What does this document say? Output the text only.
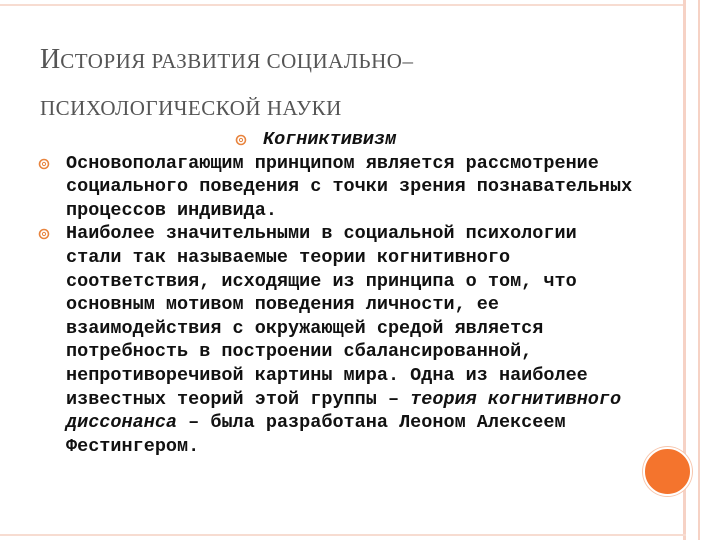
ИСТОРИЯ РАЗВИТИЯ СОЦИАЛЬНО–
ПСИХОЛОГИЧЕСКОЙ НАУКИ
Когниктивизм
Основополагающим принципом является рассмотрение социального поведения с точки зрения познавательных процессов индивида.
Наиболее значительными в социальной психологии стали так называемые теории когнитивного соответствия, исходящие из принципа о том, что основным мотивом поведения личности, ее взаимодействия с окружающей средой является потребность в построении сбалансированной, непротиворечивой картины мира. Одна из наиболее известных теорий этой группы – теория когнитивного диссонанса – была разработана Леоном Алексеем Фестингером.
